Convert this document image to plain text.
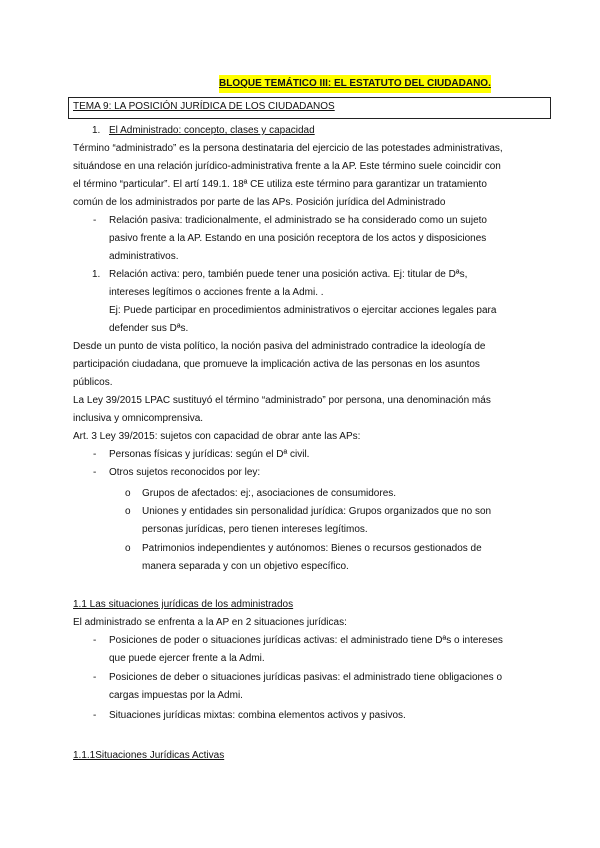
BLOQUE TEMÁTICO III: EL ESTATUTO DEL CIUDADANO.
TEMA 9: LA POSICIÓN JURÍDICA DE LOS CIUDADANOS
1. El Administrado: concepto, clases y capacidad
Término “administrado” es la persona destinataria del ejercicio de las potestades administrativas,
situándose en una relación jurídico-administrativa frente a la AP. Este término suele coincidir con
el término “particular”. El artí 149.1. 18ª CE utiliza este término para garantizar un tratamiento
común de los administrados por parte de las APs. Posición jurídica del Administrado
- Relación pasiva: tradicionalmente, el administrado se ha considerado como un sujeto
pasivo frente a la AP. Estando en una posición receptora de los actos y disposiciones
administrativos.
1. Relación activa: pero, también puede tener una posición activa. Ej: titular de Dªs,
intereses legítimos o acciones frente a la Admi. .
Ej: Puede participar en procedimientos administrativos o ejercitar acciones legales para
defender sus Dªs.
Desde un punto de vista político, la noción pasiva del administrado contradice la ideología de
participación ciudadana, que promueve la implicación activa de las personas en los asuntos
públicos.
La Ley 39/2015 LPAC sustituyó el término “administrado” por persona, una denominación más
inclusiva y omnicomprensiva.
Art. 3 Ley 39/2015: sujetos con capacidad de obrar ante las APs:
- Personas físicas y jurídicas: según el Dª civil.
- Otros sujetos reconocidos por ley:
o Grupos de afectados: ej:, asociaciones de consumidores.
o Uniones y entidades sin personalidad jurídica: Grupos organizados que no son
personas jurídicas, pero tienen intereses legítimos.
o Patrimonios independientes y autónomos: Bienes o recursos gestionados de
manera separada y con un objetivo específico.
1.1 Las situaciones jurídicas de los administrados
El administrado se enfrenta a la AP en 2 situaciones jurídicas:
- Posiciones de poder o situaciones jurídicas activas: el administrado tiene Dªs o intereses
que puede ejercer frente a la Admi.
- Posiciones de deber o situaciones jurídicas pasivas: el administrado tiene obligaciones o
cargas impuestas por la Admi.
- Situaciones jurídicas mixtas: combina elementos activos y pasivos.
1.1.1Situaciones Jurídicas Activas
